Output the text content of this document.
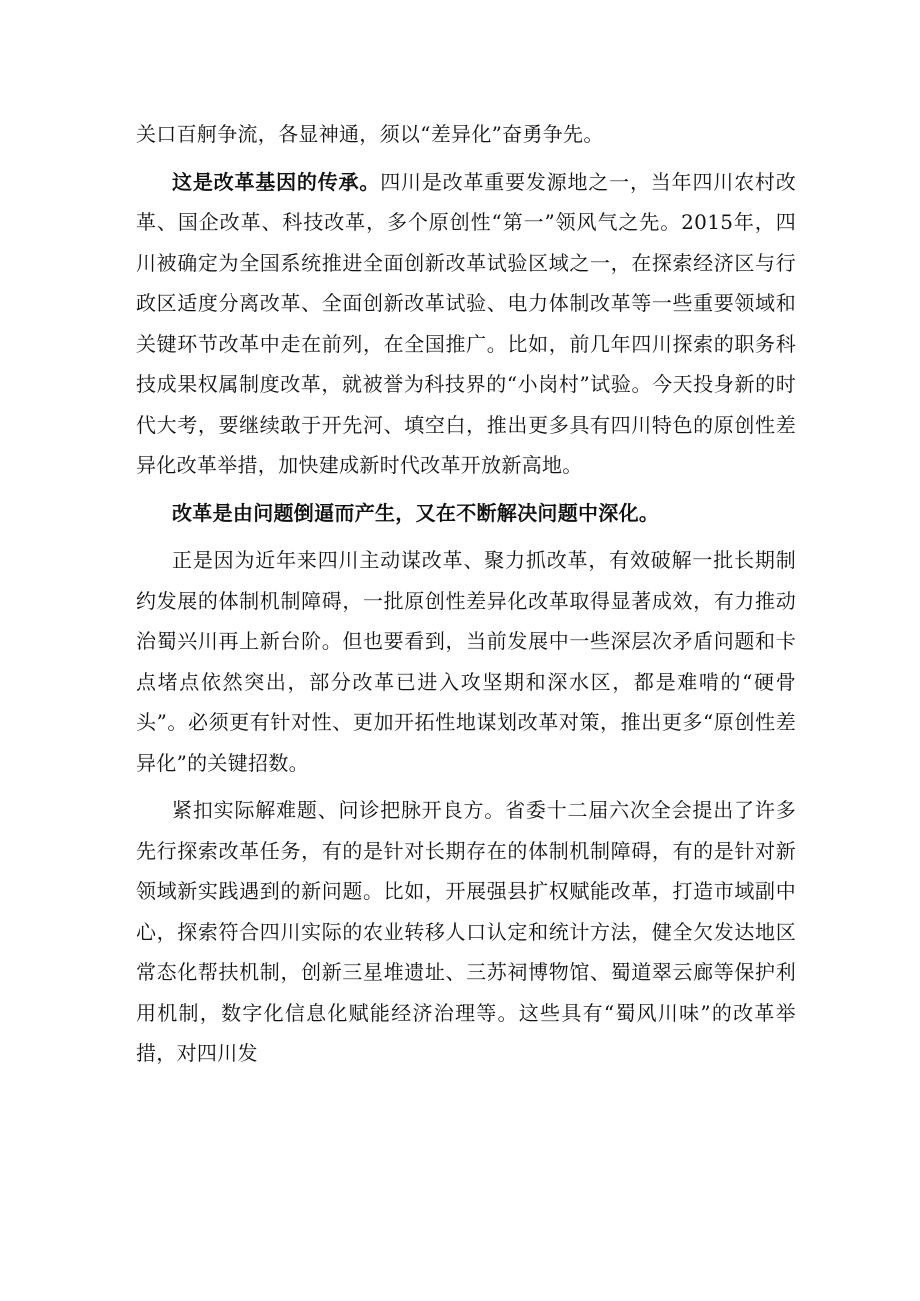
关口百舸争流，各显神通，须以“差异化”奋勇争先。

这是改革基因的传承。四川是改革重要发源地之一，当年四川农村改革、国企改革、科技改革，多个原创性“第一”领风气之先。2015年，四川被确定为全国系统推进全面创新改革试验区域之一，在探索经济区与行政区适度分离改革、全面创新改革试验、电力体制改革等一些重要领域和关键环节改革中走在前列，在全国推广。比如，前几年四川探索的职务科技成果权属制度改革，就被誉为科技界的“小岗村”试验。今天投身新的时代大考，要继续敢于开先河、填空白，推出更多具有四川特色的原创性差异化改革举措，加快建成新时代改革开放新高地。

改革是由问题倒逼而产生，又在不断解决问题中深化。

正是因为近年来四川主动谋改革、聚力抓改革，有效破解一批长期制约发展的体制机制障碍，一批原创性差异化改革取得显著成效，有力推动治蜀兴川再上新台阶。但也要看到，当前发展中一些深层次矛盾问题和卡点堵点依然突出，部分改革已进入攻坚期和深水区，都是难啃的“硬骨头”。必须更有针对性、更加开拓性地谋划改革对策，推出更多“原创性差异化”的关键招数。

紧扣实际解难题、问诊把脉开良方。省委十二届六次全会提出了许多先行探索改革任务，有的是针对长期存在的体制机制障碍，有的是针对新领域新实践遇到的新问题。比如，开展强县扩权赋能改革，打造市域副中心，探索符合四川实际的农业转移人口认定和统计方法，健全欠发达地区常态化帮扶机制，创新三星堆遗址、三苏祠博物馆、蜀道翠云廊等保护利用机制，数字化信息化赋能经济治理等。这些具有“蜀风川味”的改革举措，对四川发
